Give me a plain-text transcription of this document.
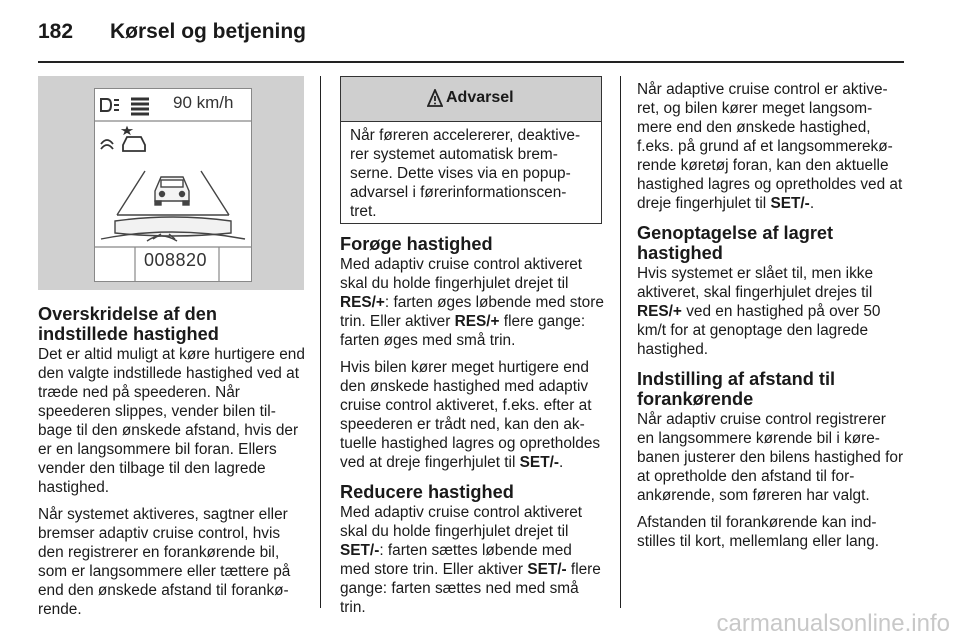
182 Kørsel og betjening
90 km/h
008820
Overskridelse af den indstillede hastighed

Det er altid muligt at køre hurtigere end den valgte indstillede hastighed ved at træde ned på speederen. Når speederen slippes, vender bilen til-bage til den ønskede afstand, hvis der er en langsommere bil foran. Ellers vender den tilbage til den lagrede hastighed.

Når systemet aktiveres, sagtner eller bremser adaptiv cruise control, hvis den registrerer en forankørende bil, som er langsommere eller tættere på end den ønskede afstand til forankø-rende.

Advarsel
Når føreren accelererer, deaktive-rer systemet automatisk brem-serne. Dette vises via en popup-advarsel i førerinformationscen-tret.
Forøge hastighed

Med adaptiv cruise control aktiveret skal du holde fingerhjulet drejet til RES/+: farten øges løbende med store trin. Eller aktiver RES/+ flere gange: farten øges med små trin.

Hvis bilen kører meget hurtigere end den ønskede hastighed med adaptiv cruise control aktiveret, f.eks. efter at speederen er trådt ned, kan den ak-tuelle hastighed lagres og opretholdes ved at dreje fingerhjulet til SET/-.

Reducere hastighed

Med adaptiv cruise control aktiveret skal du holde fingerhjulet drejet til SET/-: farten sættes løbende med med store trin. Eller aktiver SET/- flere gange: farten sættes ned med små trin.

Når adaptive cruise control er aktive-ret, og bilen kører meget langsom-mere end den ønskede hastighed, f.eks. på grund af et langsommerekø-rende køretøj foran, kan den aktuelle hastighed lagres og opretholdes ved at dreje fingerhjulet til SET/-.

Genoptagelse af lagret hastighed

Hvis systemet er slået til, men ikke aktiveret, skal fingerhjulet drejes til RES/+ ved en hastighed på over 50 km/t for at genoptage den lagrede hastighed.

Indstilling af afstand til forankørende

Når adaptiv cruise control registrerer en langsommere kørende bil i køre-banen justerer den bilens hastighed for at opretholde den afstand til for-ankørende, som føreren har valgt.

Afstanden til forankørende kan ind-stilles til kort, mellemlang eller lang.

carmanualsonline.info
